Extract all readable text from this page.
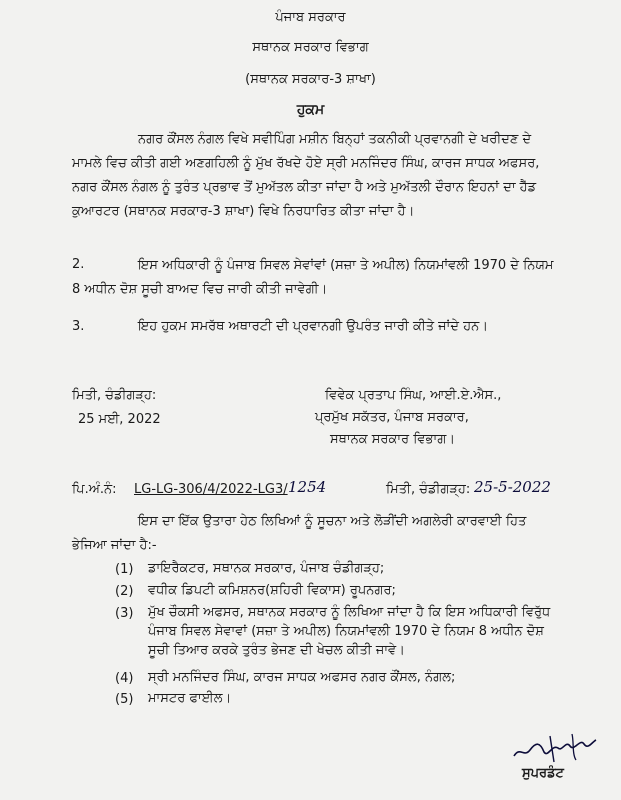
ਪੰਜਾਬ ਸਰਕਾਰ
ਸਥਾਨਕ ਸਰਕਾਰ ਵਿਭਾਗ
(ਸਥਾਨਕ ਸਰਕਾਰ-3 ਸ਼ਾਖਾ)
ਹੁਕਮ
ਨਗਰ ਕੌਂਸਲ ਨੰਗਲ ਵਿਖੇ ਸਵੀਪਿੰਗ ਮਸ਼ੀਨ ਬਿਨ੍ਹਾਂ ਤਕਨੀਕੀ ਪ੍ਰਵਾਨਗੀ ਦੇ ਖਰੀਦਣ ਦੇ ਮਾਮਲੇ ਵਿਚ ਕੀਤੀ ਗਈ ਅਣਗਹਿਲੀ ਨੂੰ ਮੁੱਖ ਰੱਖਦੇ ਹੋਏ ਸ੍ਰੀ ਮਨਜਿੰਦਰ ਸਿੰਘ, ਕਾਰਜ ਸਾਧਕ ਅਫਸਰ, ਨਗਰ ਕੌਂਸਲ ਨੰਗਲ ਨੂੰ ਤੁਰੰਤ ਪ੍ਰਭਾਵ ਤੋਂ ਮੁਅੱਤਲ ਕੀਤਾ ਜਾਂਦਾ ਹੈ ਅਤੇ ਮੁਅੱਤਲੀ ਦੌਰਾਨ ਇਹਨਾਂ ਦਾ ਹੈੱਡ ਕੁਆਰਟਰ (ਸਥਾਨਕ ਸਰਕਾਰ-3 ਸ਼ਾਖਾ) ਵਿਖੇ ਨਿਰਧਾਰਿਤ ਕੀਤਾ ਜਾਂਦਾ ਹੈ।
2.	ਇਸ ਅਧਿਕਾਰੀ ਨੂੰ ਪੰਜਾਬ ਸਿਵਲ ਸੇਵਾਂਵਾਂ (ਸਜ਼ਾ ਤੇ ਅਪੀਲ) ਨਿਯਮਾਂਵਲੀ 1970 ਦੇ ਨਿਯਮ 8 ਅਧੀਨ ਦੋਸ਼ ਸੂਚੀ ਬਾਅਦ ਵਿਚ ਜਾਰੀ ਕੀਤੀ ਜਾਵੇਗੀ।
3.	ਇਹ ਹੁਕਮ ਸਮਰੱਥ ਅਥਾਰਟੀ ਦੀ ਪ੍ਰਵਾਨਗੀ ਉਪਰੰਤ ਜਾਰੀ ਕੀਤੇ ਜਾਂਦੇ ਹਨ।
ਮਿਤੀ, ਚੰਡੀਗੜ੍ਹ:
25 ਮਈ, 2022
ਵਿਵੇਕ ਪ੍ਰਤਾਪ ਸਿੰਘ, ਆਈ.ਏ.ਐਸ.,
ਪ੍ਰਮੁੱਖ ਸਕੱਤਰ, ਪੰਜਾਬ ਸਰਕਾਰ,
ਸਥਾਨਕ ਸਰਕਾਰ ਵਿਭਾਗ।
ਪਿ.ਅੰ.ਨੰ: LG-LG-306/4/2022-LG3/ 1254	ਮਿਤੀ, ਚੰਡੀਗੜ੍ਹ: 25-5-2022
ਇਸ ਦਾ ਇੱਕ ਉਤਾਰਾ ਹੇਠ ਲਿਖਿਆਂ ਨੂੰ ਸੂਚਨਾ ਅਤੇ ਲੋੜੀਂਦੀ ਅਗਲੇਰੀ ਕਾਰਵਾਈ ਹਿਤ ਭੇਜਿਆ ਜਾਂਦਾ ਹੈ:-
(1) ਡਾਇਰੈਕਟਰ, ਸਥਾਨਕ ਸਰਕਾਰ, ਪੰਜਾਬ ਚੰਡੀਗੜ੍ਹ;
(2) ਵਧੀਕ ਡਿਪਟੀ ਕਮਿਸ਼ਨਰ(ਸ਼ਹਿਰੀ ਵਿਕਾਸ) ਰੂਪਨਗਰ;
(3) ਮੁੱਖ ਚੌਕਸੀ ਅਫਸਰ, ਸਥਾਨਕ ਸਰਕਾਰ ਨੂੰ ਲਿਖਿਆ ਜਾਂਦਾ ਹੈ ਕਿ ਇਸ ਅਧਿਕਾਰੀ ਵਿਰੁੱਧ ਪੰਜਾਬ ਸਿਵਲ ਸੇਵਾਵਾਂ (ਸਜ਼ਾ ਤੇ ਅਪੀਲ) ਨਿਯਮਾਂਵਲੀ 1970 ਦੇ ਨਿਯਮ 8 ਅਧੀਨ ਦੋਸ਼ ਸੂਚੀ ਤਿਆਰ ਕਰਕੇ ਤੁਰੰਤ ਭੇਜਣ ਦੀ ਖੇਚਲ ਕੀਤੀ ਜਾਵੇ।
(4) ਸ੍ਰੀ ਮਨਜਿੰਦਰ ਸਿੰਘ, ਕਾਰਜ ਸਾਧਕ ਅਫਸਰ ਨਗਰ ਕੌਂਸਲ, ਨੰਗਲ;
(5) ਮਾਸਟਰ ਫਾਈਲ।
ਸੁਪਰਡੰਟ
